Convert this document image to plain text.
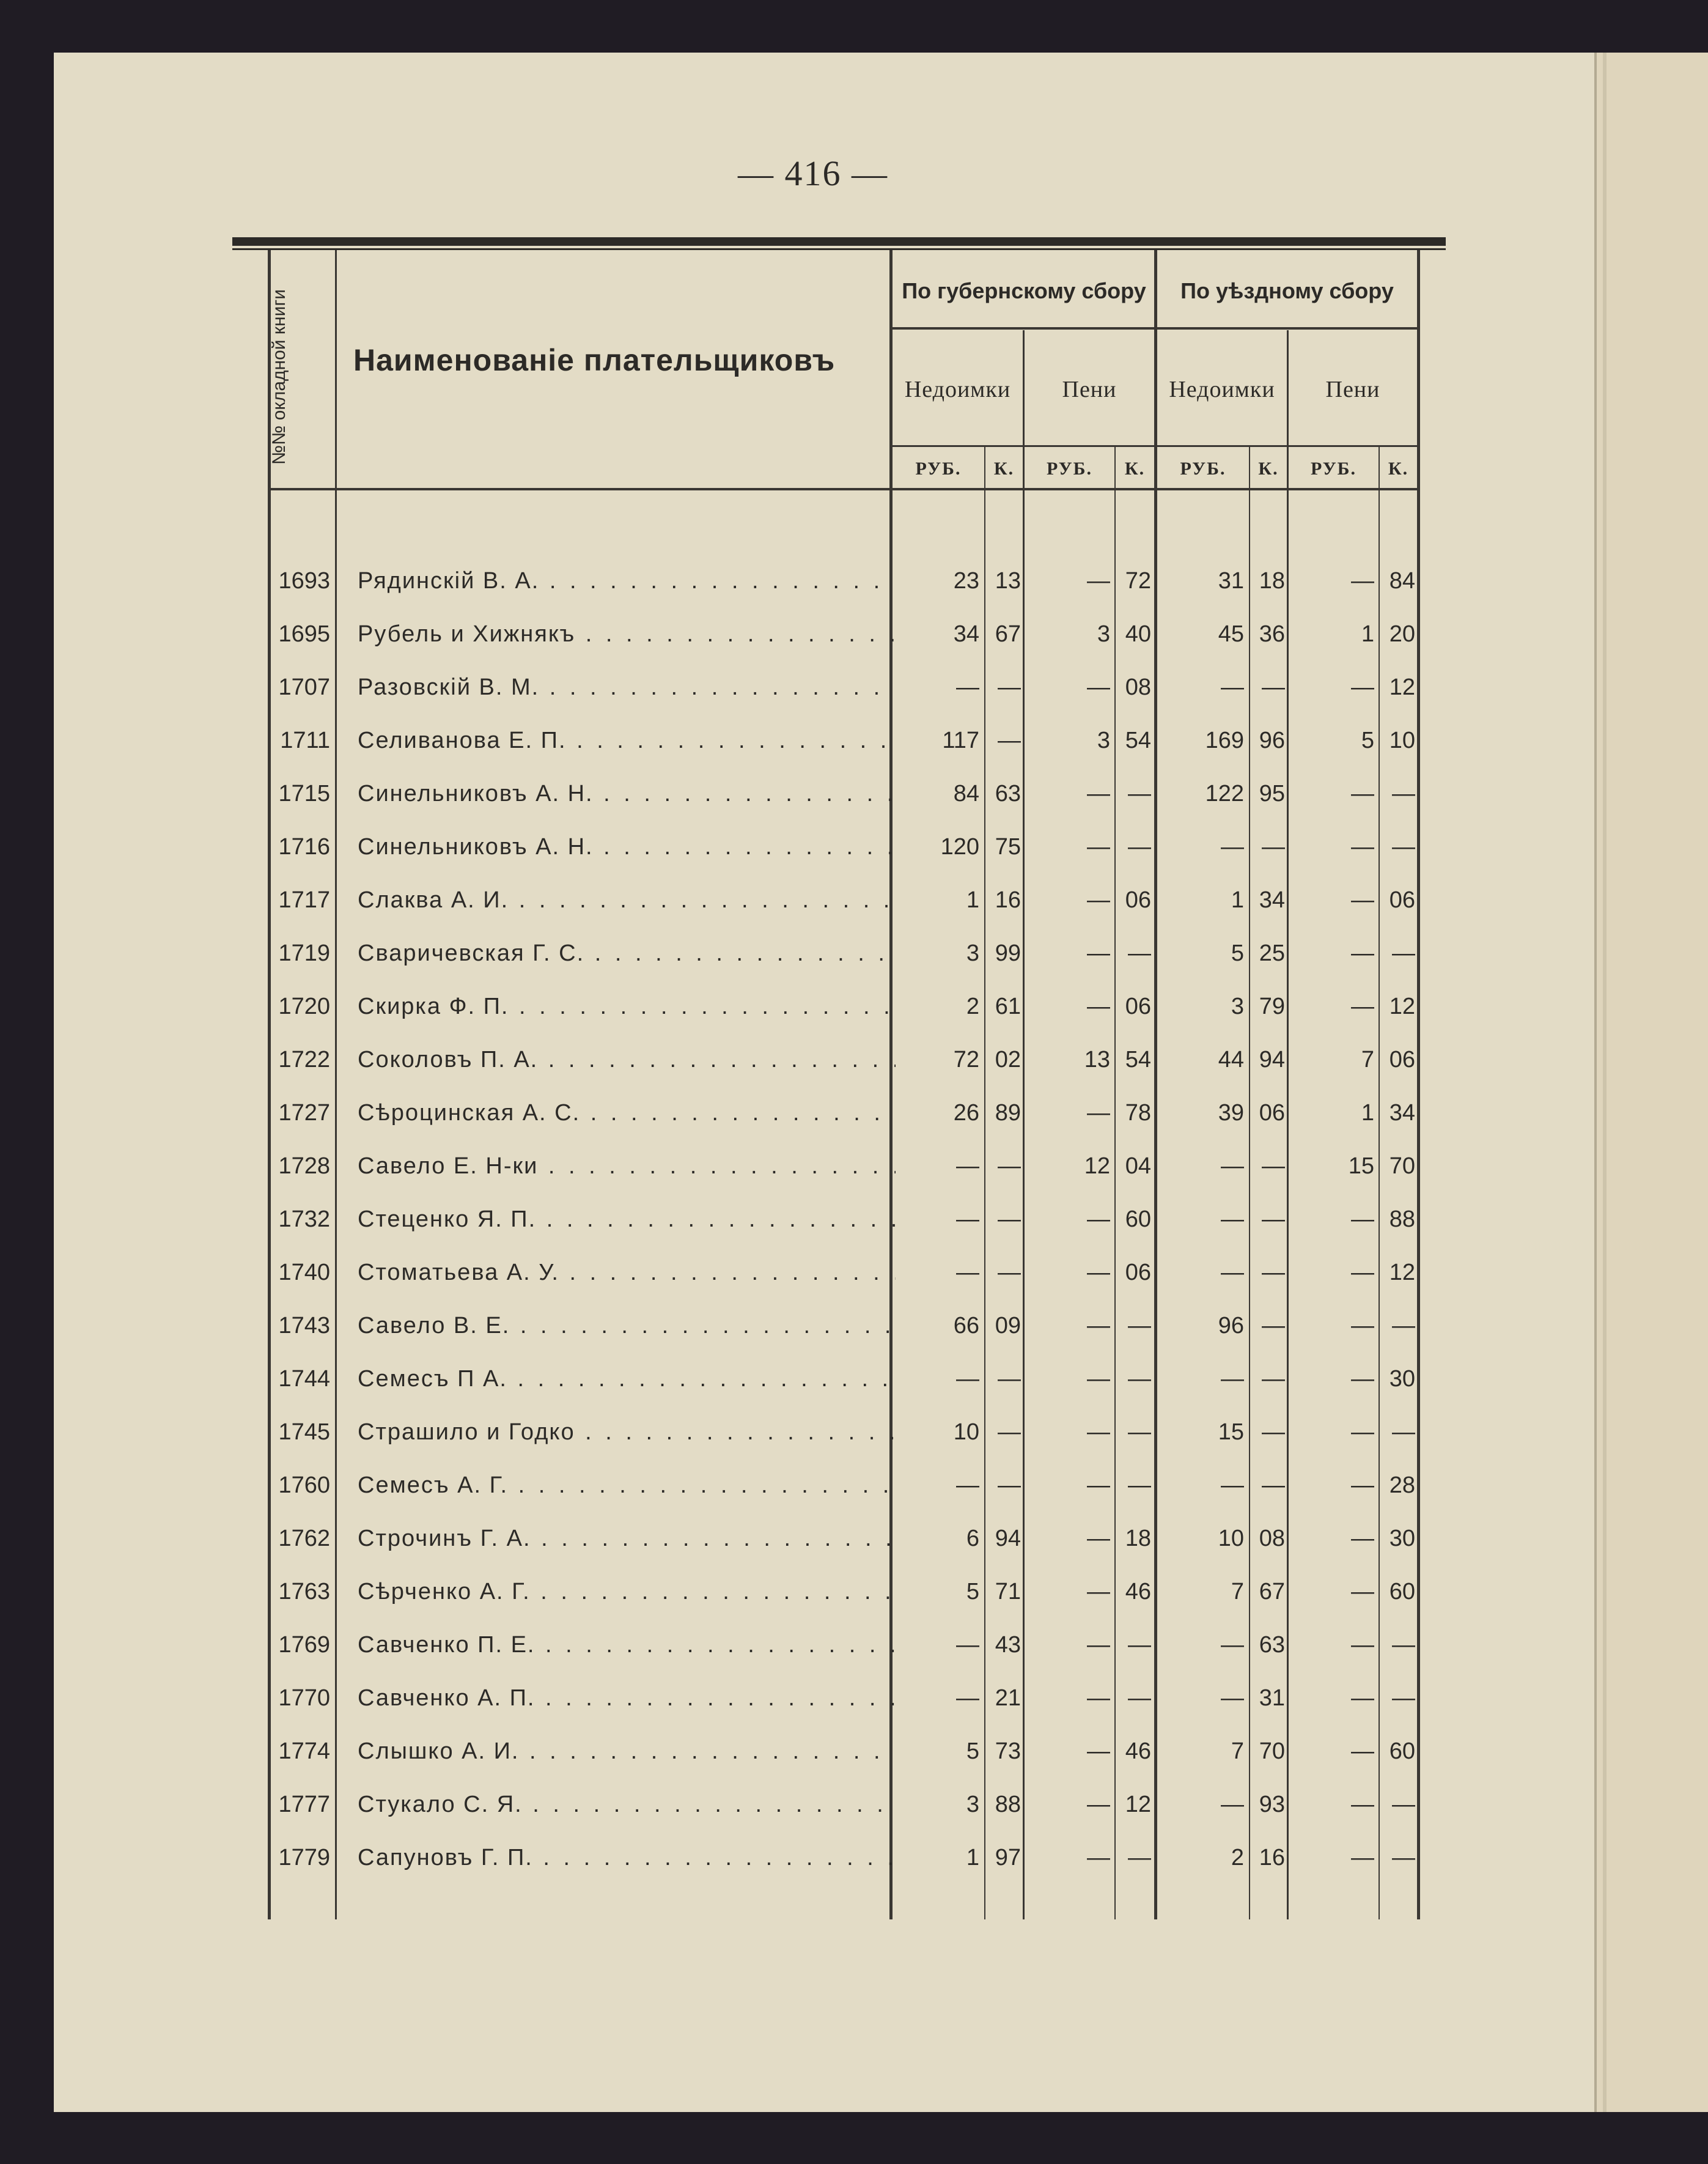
— 416 —
№№ окладной книги Наименованіе плательщиковъ
По губернскому сбору	По уѣздному сбору
Недоимки	Пени	Недоимки	Пени
РУБ.	К.	РУБ.	К.	РУБ.	К.	РУБ.	К.
1693 Рядинскій В. А. . . .	23 13	— 72	31 18	— 84
1695 Рубель и Хижнякъ . . .	34 67	3 40	45 36	1 20
1707 Разовскій В. М. . . .	— —	— 08	— —	— 12
1711 Селиванова Е. П. . . .	117 —	3 54	169 96	5 10
1715 Синельниковъ А. Н. . . .	84 63	— —	122 95	— —
1716 Синельниковъ А. Н. . . .	120 75	— —	— —	— —
1717 Слаква А. И. . . .	1 16	— 06	1 34	— 06
1719 Сваричевская Г. С. . . .	3 99	— —	5 25	— —
1720 Скирка Ф. П. . . .	2 61	— 06	3 79	— 12
1722 Соколовъ П. А. . . .	72 02	13 54	44 94	7 06
1727 Сѣроцинская А. С. . . .	26 89	— 78	39 06	1 34
1728 Савело Е. Н-ки . . .	— —	12 04	— —	15 70
1732 Стеценко Я. П. . . .	— —	— 60	— —	— 88
1740 Стоматьева А. У. . . .	— —	— 06	— —	— 12
1743 Савело В. Е. . . .	66 09	— —	96 —	— —
1744 Семесъ П А. . . .	— —	— —	— —	— 30
1745 Страшило и Годко . . .	10 —	— —	15 —	— —
1760 Семесъ А. Г. . . .	— —	— —	— —	— 28
1762 Строчинъ Г. А. . . .	6 94	— 18	10 08	— 30
1763 Сѣрченко А. Г. . . .	5 71	— 46	7 67	— 60
1769 Савченко П. Е. . . .	— 43	— —	— 63	— —
1770 Савченко А. П. . . .	— 21	— —	— 31	— —
1774 Слышко А. И. . . .	5 73	— 46	7 70	— 60
1777 Стукало С. Я. . . .	3 88	— 12	— 93	— —
1779 Сапуновъ Г. П. . . .	1 97	— —	2 16	— —
